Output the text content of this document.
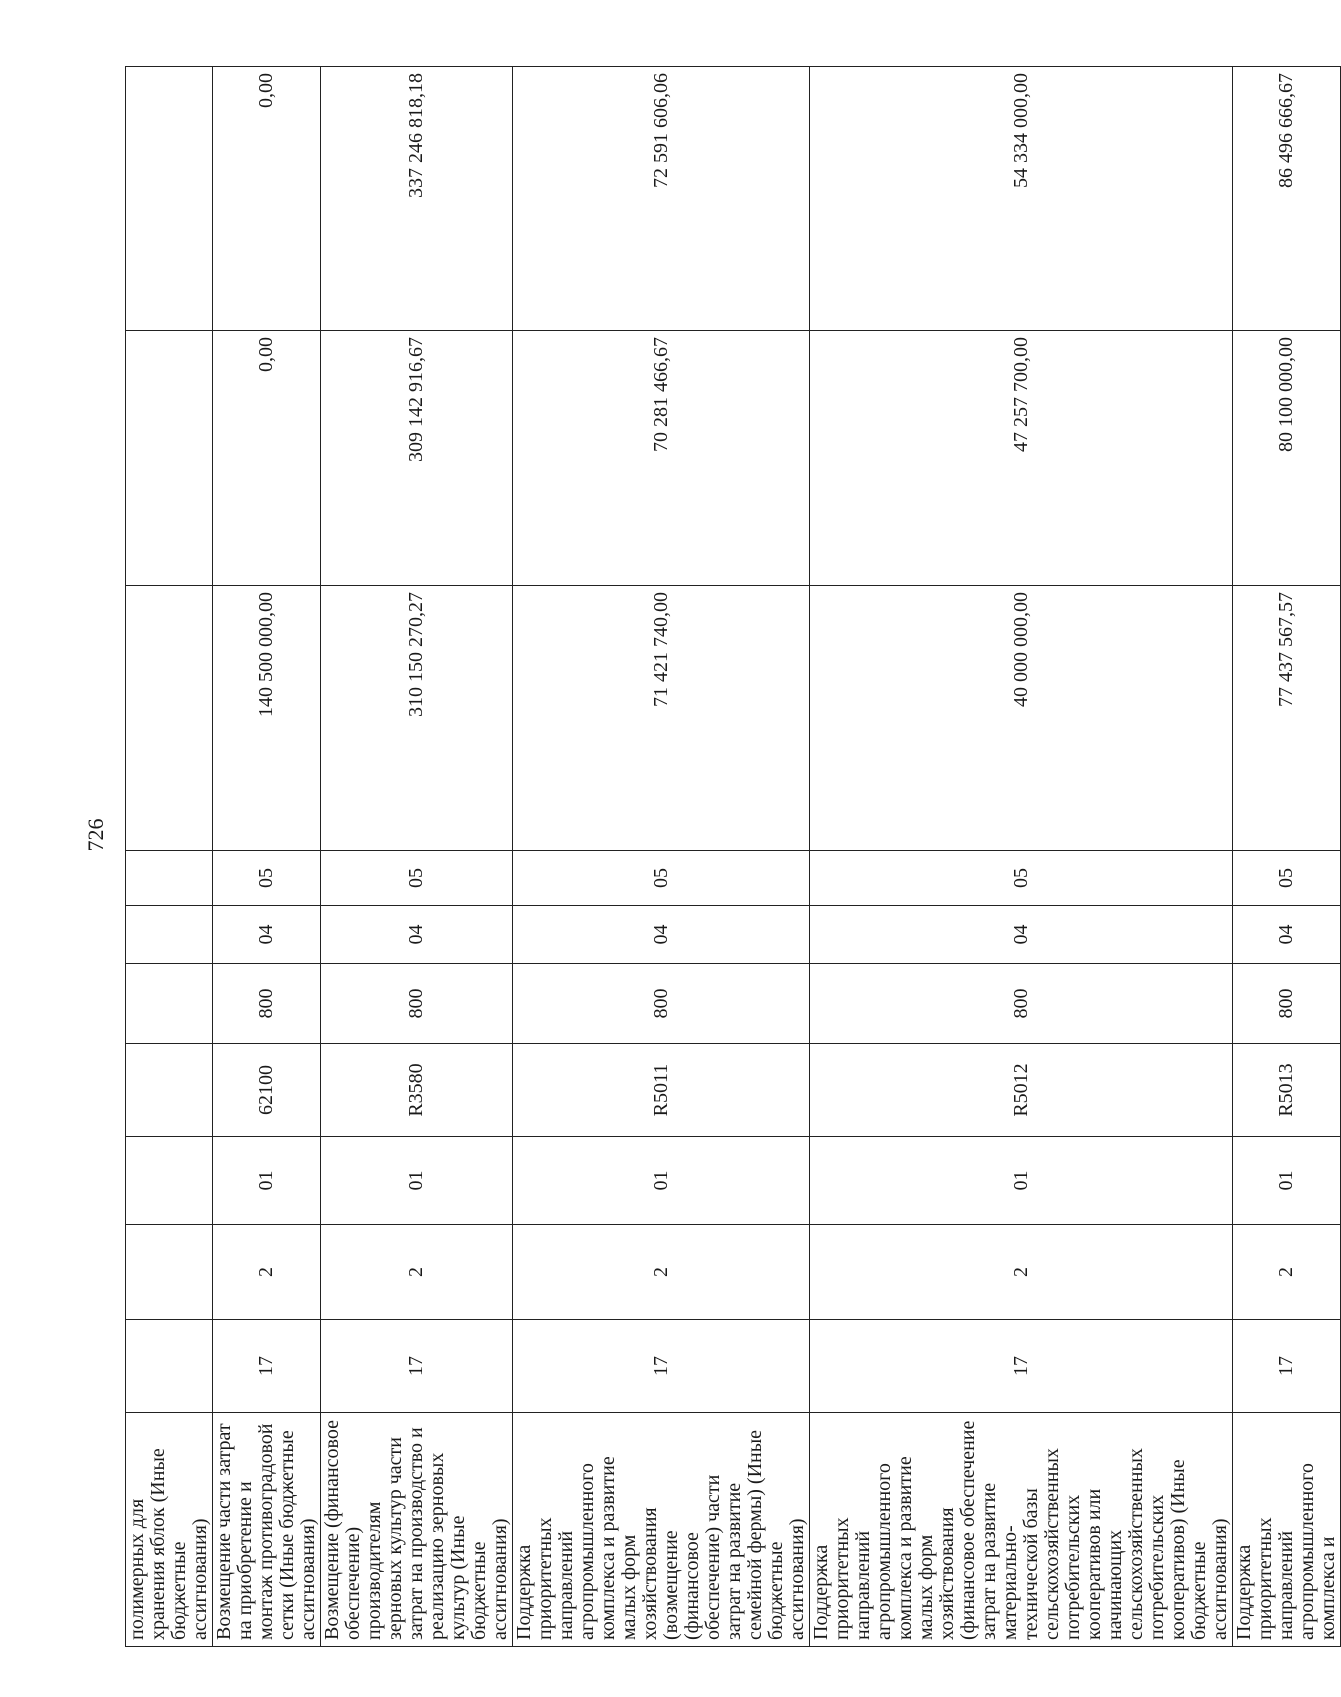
726
полимерных для хранения яблок (Иные бюджетные ассигнования)										
Возмещение части затрат на приобретение и монтаж противоградовой сетки (Иные бюджетные ассигнования)	17	2	01	62100	800	04	05	140 500 000,00	0,00	0,00
Возмещение (финансовое обеспечение) производителям зерновых культур части затрат на производство и реализацию зерновых культур (Иные бюджетные ассигнования)	17	2	01	R3580	800	04	05	310 150 270,27	309 142 916,67	337 246 818,18
Поддержка приоритетных направлений агропромышленного комплекса и развитие малых форм хозяйствования (возмещение (финансовое обеспечение) части затрат на развитие семейной фермы) (Иные бюджетные ассигнования)	17	2	01	R5011	800	04	05	71 421 740,00	70 281 466,67	72 591 606,06
Поддержка приоритетных направлений агропромышленного комплекса и развитие малых форм хозяйствования (финансовое обеспечение затрат на развитие материально-технической базы сельскохозяйственных потребительских кооперативов или начинающих сельскохозяйственных потребительских кооперативов) (Иные бюджетные ассигнования)	17	2	01	R5012	800	04	05	40 000 000,00	47 257 700,00	54 334 000,00
Поддержка приоритетных направлений агропромышленного комплекса и	17	2	01	R5013	800	04	05	77 437 567,57	80 100 000,00	86 496 666,67
